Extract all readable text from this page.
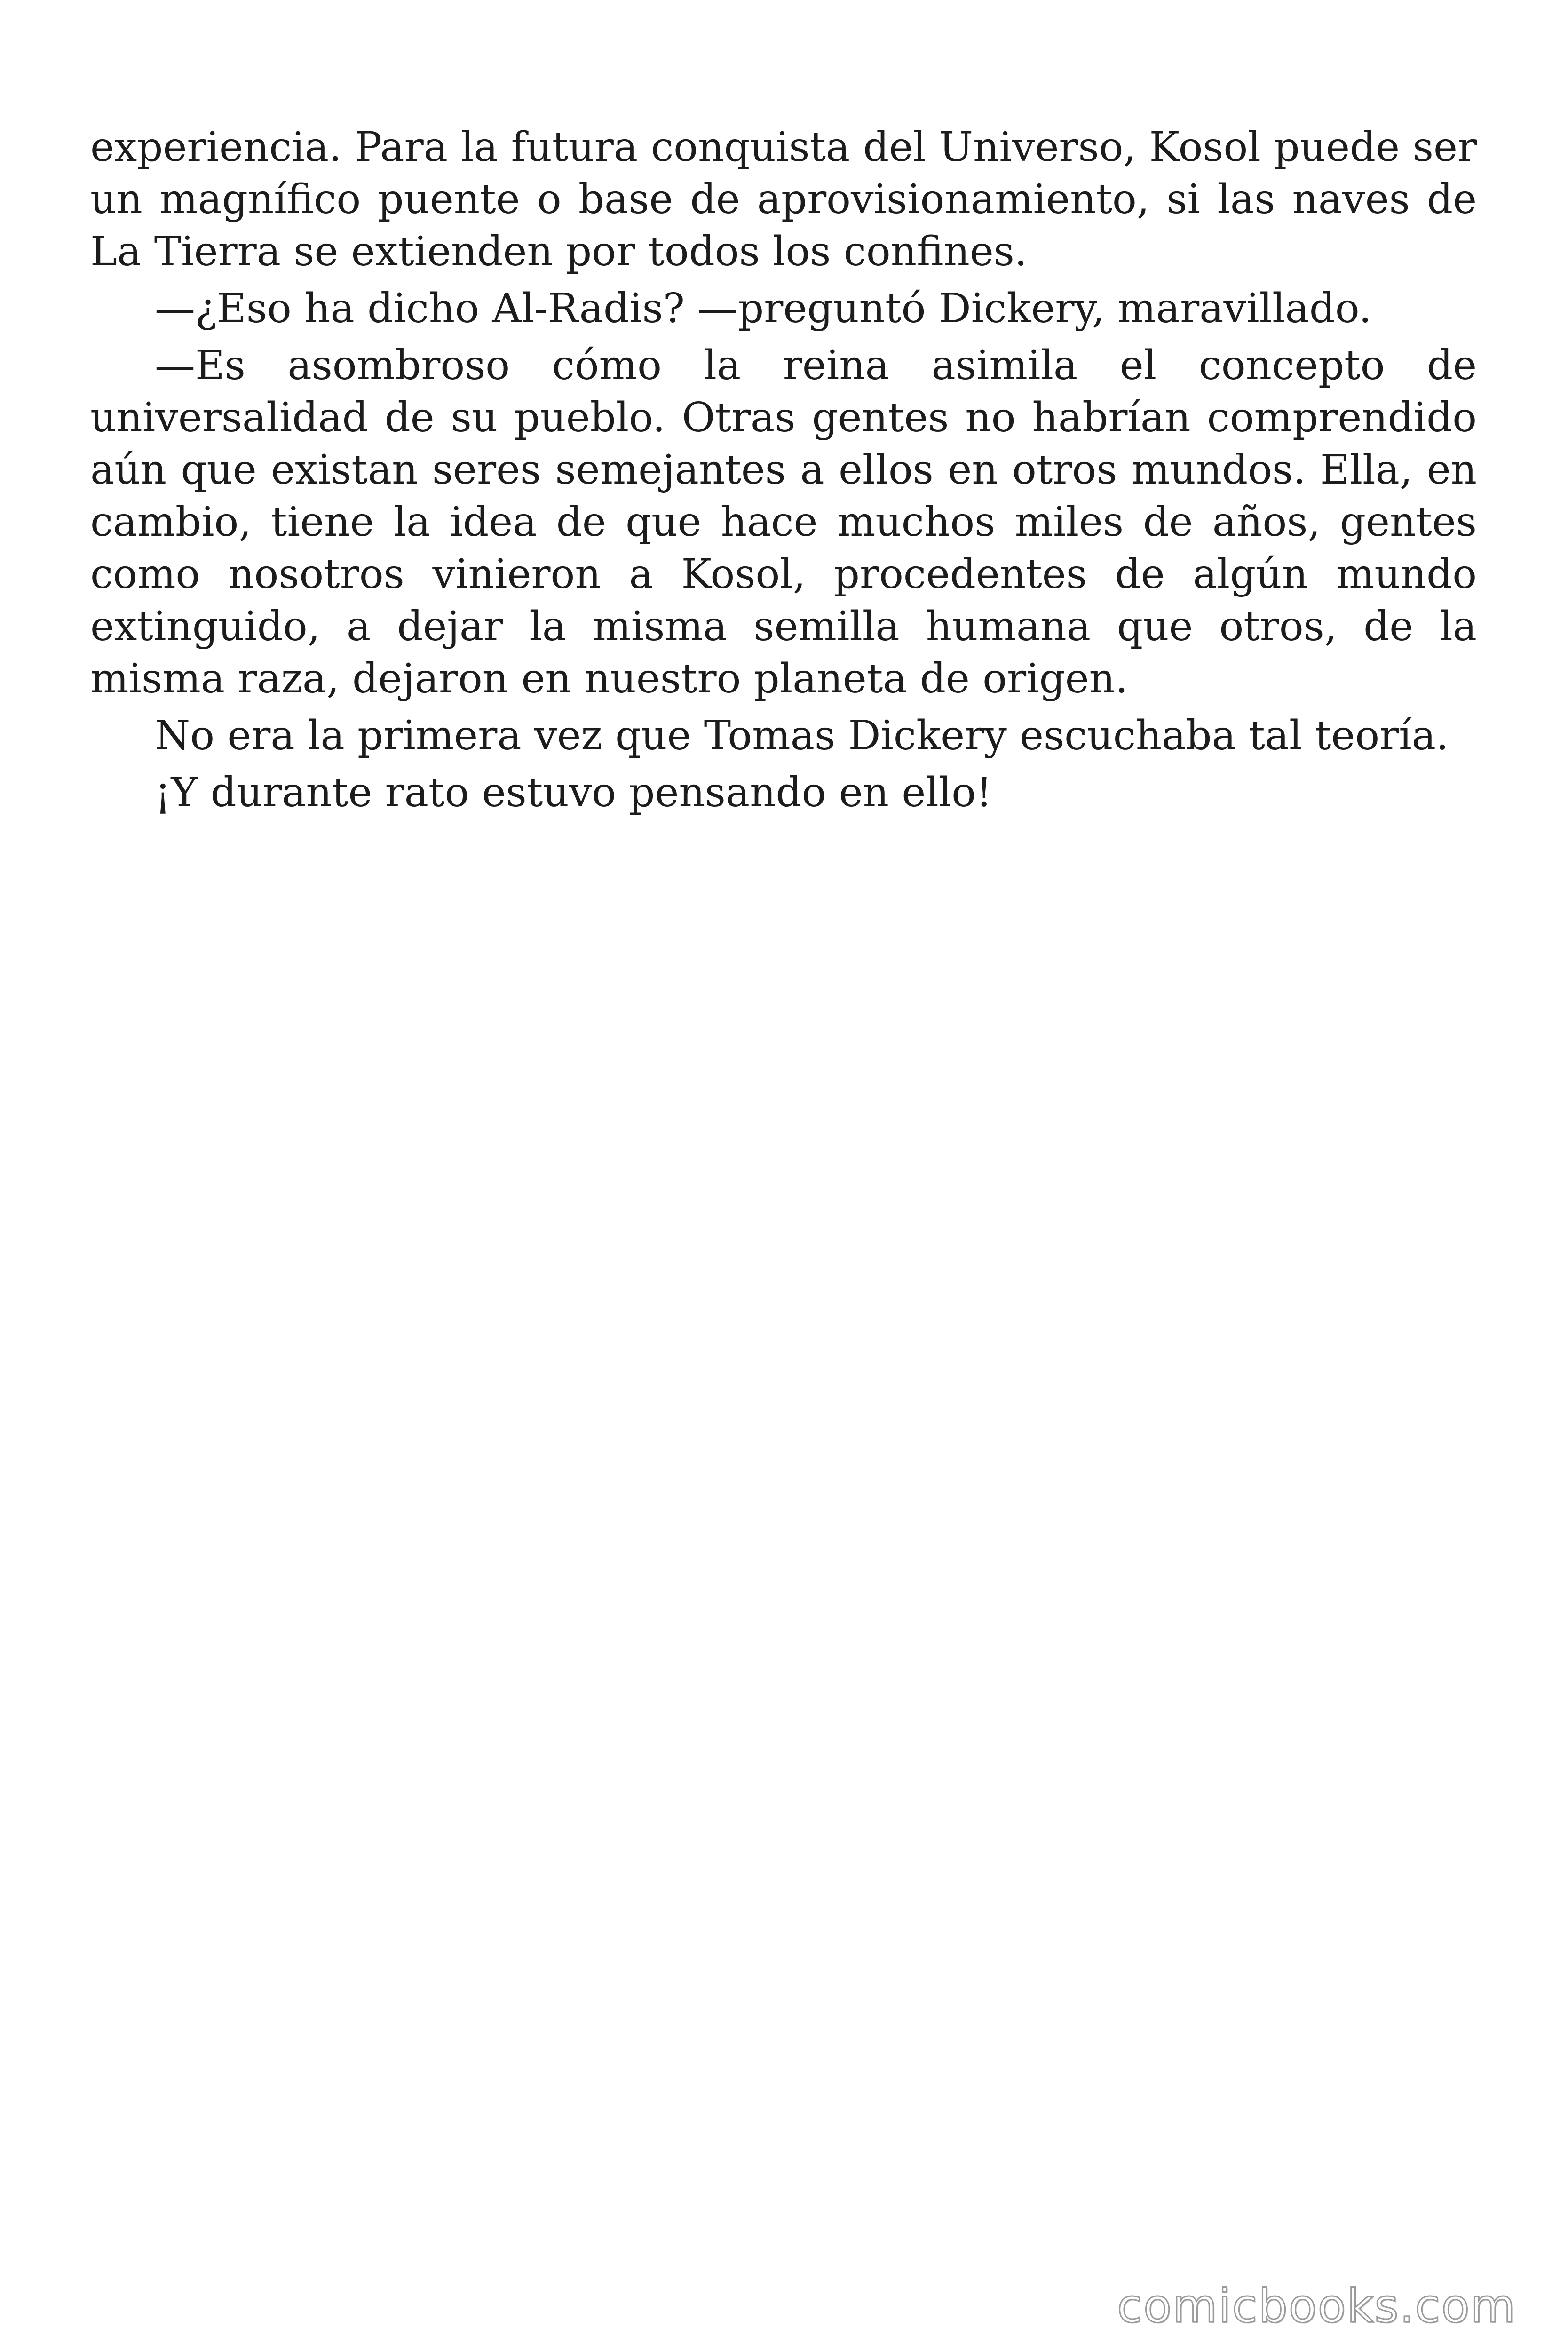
experiencia. Para la futura conquista del Universo, Kosol puede ser un magnífico puente o base de aprovisionamiento, si las naves de La Tierra se extienden por todos los confines.

—¿Eso ha dicho Al-Radis? —preguntó Dickery, maravillado.

—Es asombroso cómo la reina asimila el concepto de universalidad de su pueblo. Otras gentes no habrían comprendido aún que existan seres semejantes a ellos en otros mundos. Ella, en cambio, tiene la idea de que hace muchos miles de años, gentes como nosotros vinieron a Kosol, procedentes de algún mundo extinguido, a dejar la misma semilla humana que otros, de la misma raza, dejaron en nuestro planeta de origen.

No era la primera vez que Tomas Dickery escuchaba tal teoría.

¡Y durante rato estuvo pensando en ello!

comicbooks.com
